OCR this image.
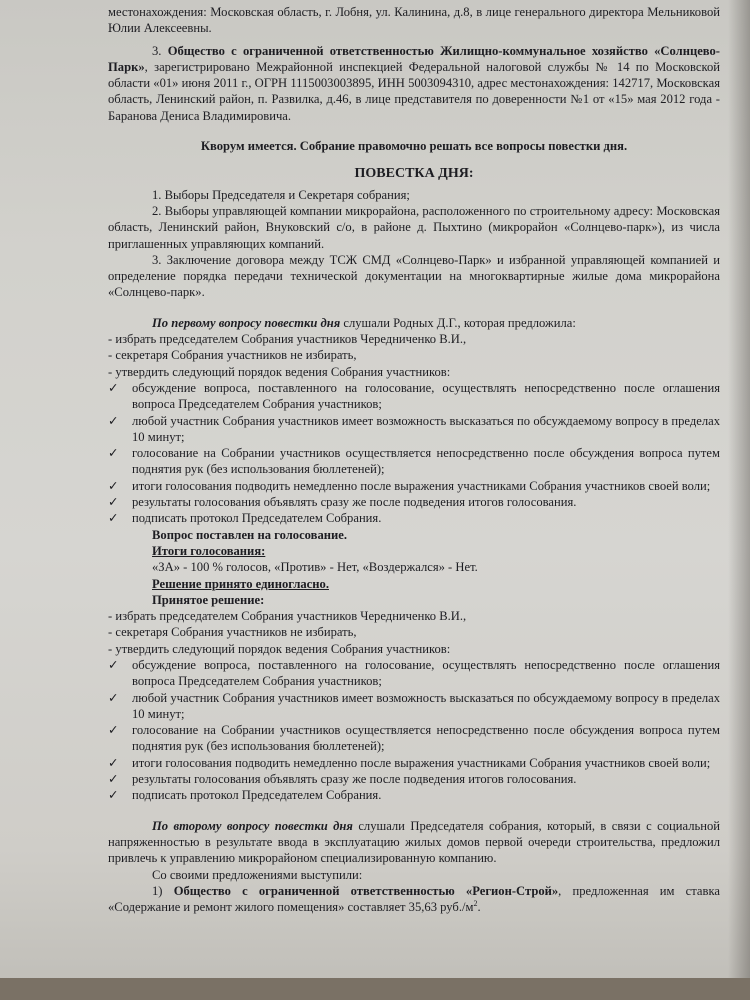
местонахождения: Московская область, г. Лобня, ул. Калинина, д.8, в лице генерального директора Мельниковой Юлии Алексеевны.

3. Общество с ограниченной ответственностью Жилищно-коммунальное хозяйство «Солнцево-Парк», зарегистрировано Межрайонной инспекцией Федеральной налоговой службы № 14 по Московской области «01» июня 2011 г., ОГРН 1115003003895, ИНН 5003094310, адрес местонахождения: 142717, Московская область, Ленинский район, п. Развилка, д.46, в лице представителя по доверенности №1 от «15» мая 2012 года - Баранова Дениса Владимировича.

Кворум имеется. Собрание правомочно решать все вопросы повестки дня.

ПОВЕСТКА ДНЯ:

1. Выборы Председателя и Секретаря собрания;

2. Выборы управляющей компании микрорайона, расположенного по строительному адресу: Московская область, Ленинский район, Внуковский с/о, в районе д. Пыхтино (микрорайон «Солнцево-парк»), из числа приглашенных управляющих компаний.

3. Заключение договора между ТСЖ СМД «Солнцево-Парк» и избранной управляющей компанией и определение порядка передачи технической документации на многоквартирные жилые дома микрорайона «Солнцево-парк».

По первому вопросу повестки дня слушали Родных Д.Г., которая предложила:

- избрать председателем Собрания участников Чередниченко В.И.,

- секретаря Собрания участников не избирать,

- утвердить следующий порядок ведения Собрания участников:

✓	обсуждение вопроса, поставленного на голосование, осуществлять непосредственно после оглашения вопроса Председателем Собрания участников;
✓	любой участник Собрания участников имеет возможность высказаться по обсуждаемому вопросу в пределах 10 минут;
✓	голосование на Собрании участников осуществляется непосредственно после обсуждения вопроса путем поднятия рук (без использования бюллетеней);
✓	итоги голосования подводить немедленно после выражения участниками Собрания участников своей воли;
✓	результаты голосования объявлять сразу же после подведения итогов голосования.
✓	подписать протокол Председателем Собрания.

Вопрос поставлен на голосование.

Итоги голосования:

«ЗА» - 100 % голосов, «Против» - Нет, «Воздержался» - Нет.

Решение принято единогласно.

Принятое решение:

- избрать председателем Собрания участников Чередниченко В.И.,

- секретаря Собрания участников не избирать,

- утвердить следующий порядок ведения Собрания участников:

✓	обсуждение вопроса, поставленного на голосование, осуществлять непосредственно после оглашения вопроса Председателем Собрания участников;
✓	любой участник Собрания участников имеет возможность высказаться по обсуждаемому вопросу в пределах 10 минут;
✓	голосование на Собрании участников осуществляется непосредственно после обсуждения вопроса путем поднятия рук (без использования бюллетеней);
✓	итоги голосования подводить немедленно после выражения участниками Собрания участников своей воли;
✓	результаты голосования объявлять сразу же после подведения итогов голосования.
✓	подписать протокол Председателем Собрания.

По второму вопросу повестки дня слушали Председателя собрания, который, в связи с социальной напряженностью в результате ввода в эксплуатацию жилых домов первой очереди строительства, предложил привлечь к управлению микрорайоном специализированную компанию.

Со своими предложениями выступили:

1) Общество с ограниченной ответственностью «Регион-Строй», предложенная им ставка «Содержание и ремонт жилого помещения» составляет 35,63 $руб./м^2$.
